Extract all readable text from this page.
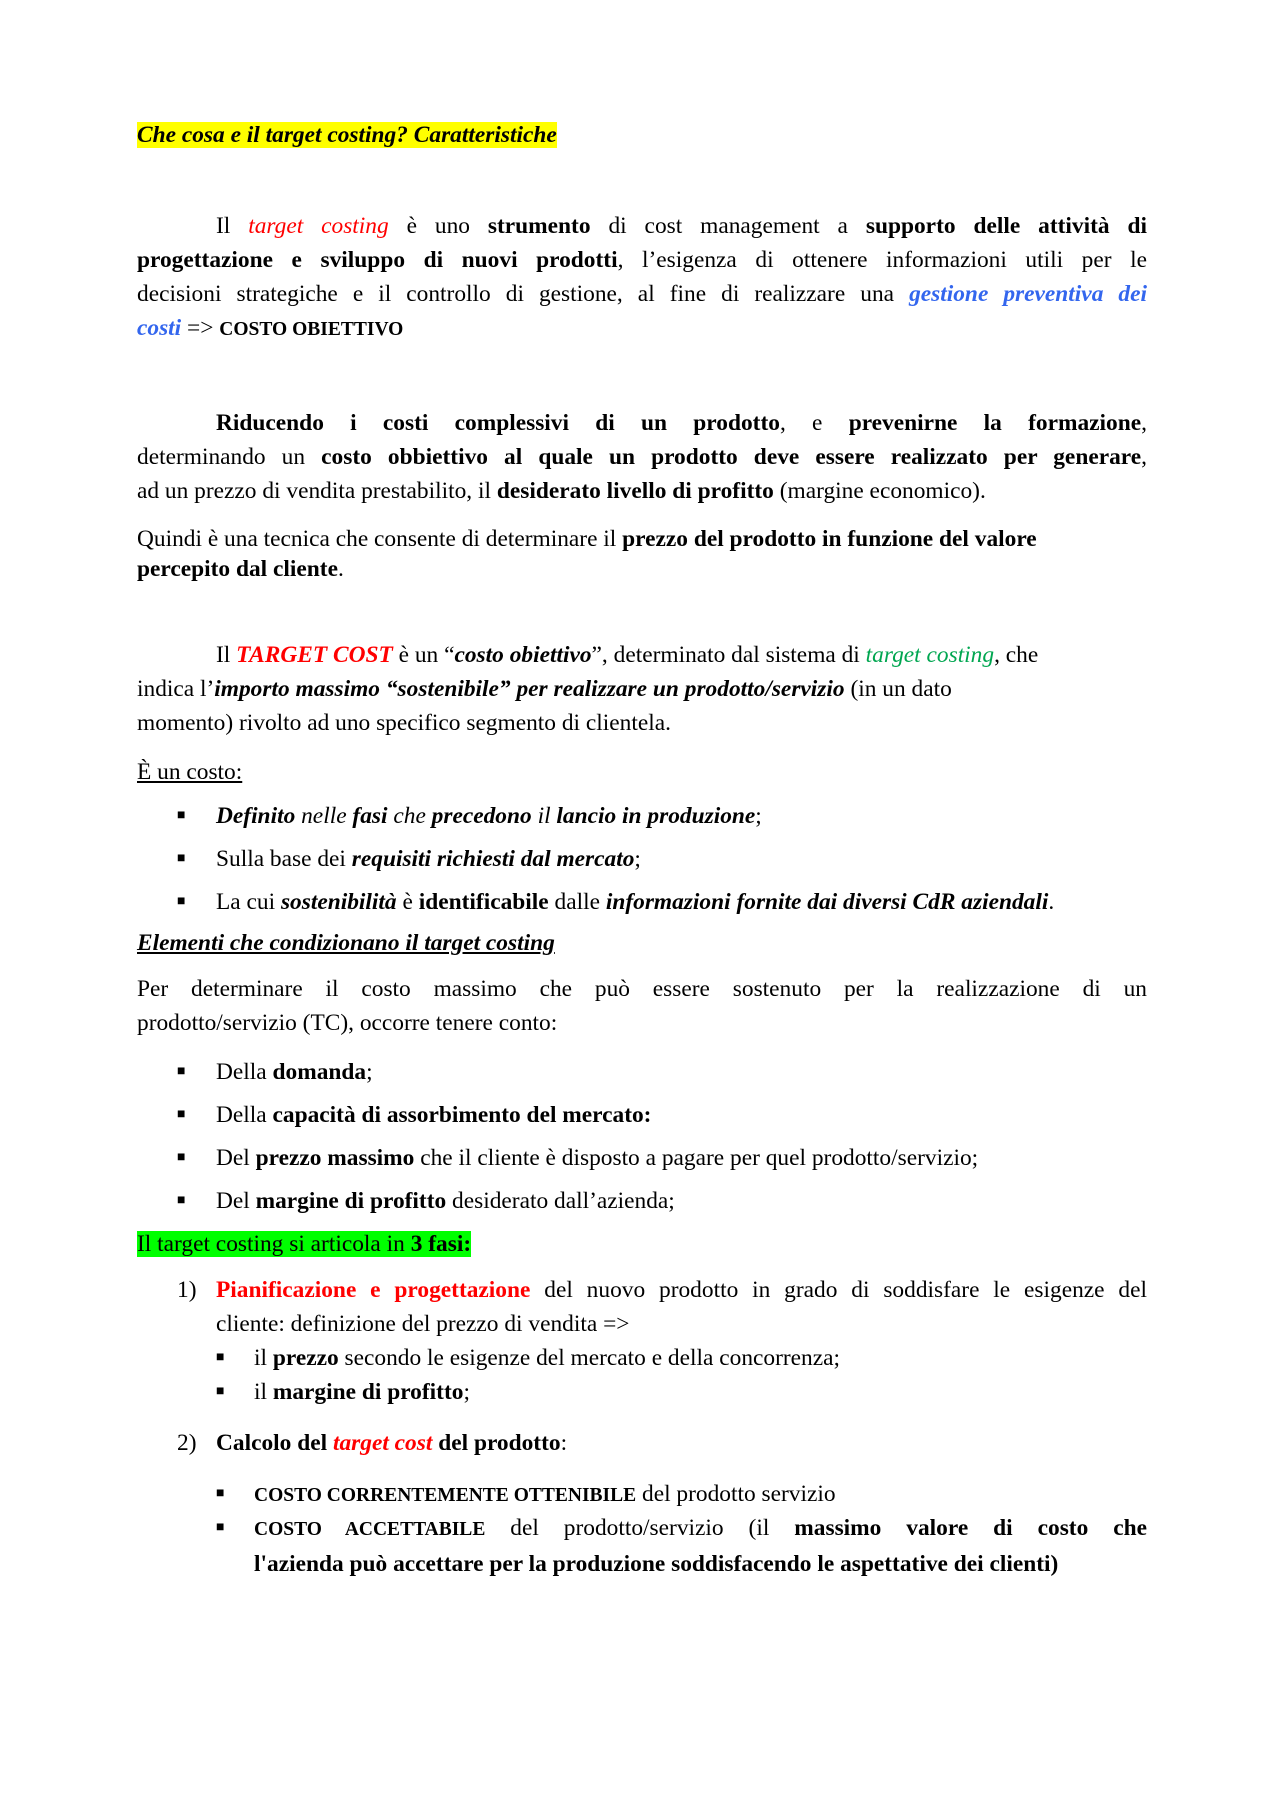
Che cosa e il target costing? Caratteristiche
Il target costing è uno strumento di cost management a supporto delle attività di
progettazione e sviluppo di nuovi prodotti, l’esigenza di ottenere informazioni utili per le
decisioni strategiche e il controllo di gestione, al fine di realizzare una gestione preventiva dei
costi => COSTO OBIETTIVO
Riducendo i costi complessivi di un prodotto, e prevenirne la formazione,
determinando un costo obbiettivo al quale un prodotto deve essere realizzato per generare,
ad un prezzo di vendita prestabilito, il desiderato livello di profitto (margine economico).
Quindi è una tecnica che consente di determinare il prezzo del prodotto in funzione del valore
percepito dal cliente.
Il TARGET COST è un “costo obiettivo”, determinato dal sistema di target costing, che
indica l’importo massimo “sostenibile” per realizzare un prodotto/servizio (in un dato
momento) rivolto ad uno specifico segmento di clientela.
È un costo:
■ Definito nelle fasi che precedono il lancio in produzione;
■ Sulla base dei requisiti richiesti dal mercato;
■ La cui sostenibilità è identificabile dalle informazioni fornite dai diversi CdR aziendali.
Elementi che condizionano il target costing
Per determinare il costo massimo che può essere sostenuto per la realizzazione di un
prodotto/servizio (TC), occorre tenere conto:
■ Della domanda;
■ Della capacità di assorbimento del mercato:
■ Del prezzo massimo che il cliente è disposto a pagare per quel prodotto/servizio;
■ Del margine di profitto desiderato dall’azienda;
Il target costing si articola in 3 fasi:
1) Pianificazione e progettazione del nuovo prodotto in grado di soddisfare le esigenze del
cliente: definizione del prezzo di vendita =>
■ il prezzo secondo le esigenze del mercato e della concorrenza;
■ il margine di profitto;
2) Calcolo del target cost del prodotto:
■ COSTO CORRENTEMENTE OTTENIBILE del prodotto servizio
■ COSTO ACCETTABILE del prodotto/servizio (il massimo valore di costo che
l'azienda può accettare per la produzione soddisfacendo le aspettative dei clienti)
